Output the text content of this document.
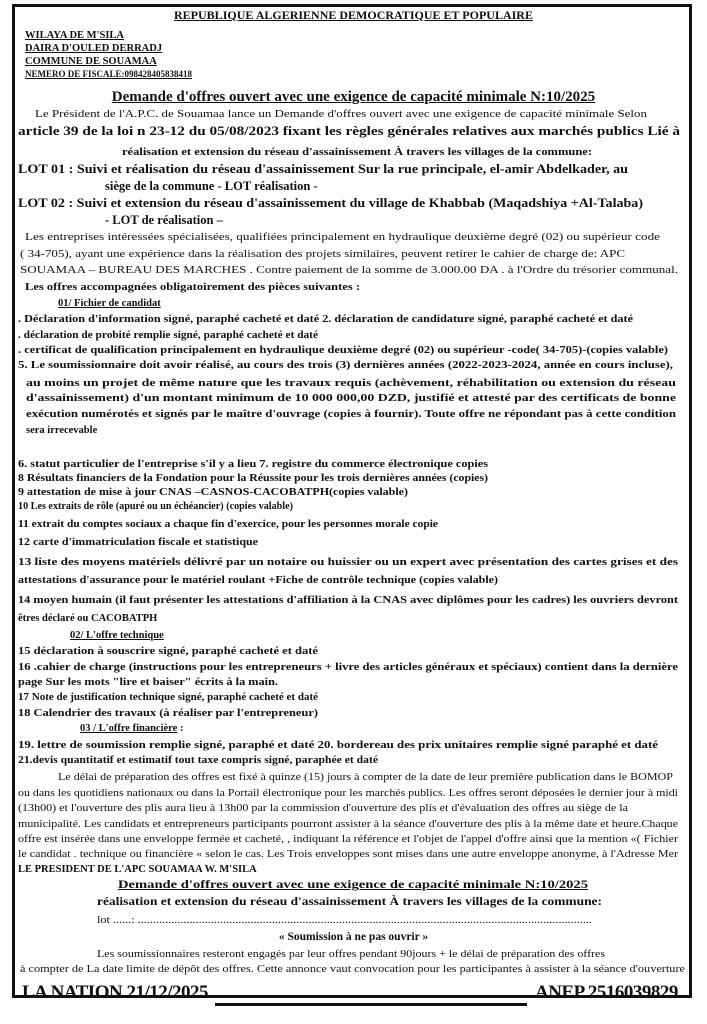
REPUBLIQUE ALGERIENNE DEMOCRATIQUE ET POPULAIRE
WILAYA DE M'SILA
DAIRA D'OULED DERRADJ
COMMUNE DE SOUAMAA
NEMERO DE FISCALE:098428405838418
Demande d'offres ouvert avec une exigence de capacité minimale N:10/2025
Le Président de l'A.P.C. de Souamaa lance un Demande d'offres ouvert avec une exigence de capacité minimale Selon
article 39 de la loi n 23-12 du 05/08/2023 fixant les règles générales relatives aux marchés publics Lié à
réalisation et extension du réseau d'assainissement À travers les villages de la commune:
LOT 01 : Suivi et réalisation du réseau d'assainissement Sur la rue principale, el-amir Abdelkader, au
siège de la commune - LOT réalisation -
LOT 02 : Suivi et extension du réseau d'assainissement du village de Khabbab (Maqadshiya +Al-Talaba)
- LOT de réalisation –
Les entreprises intéressées spécialisées, qualifiées principalement en hydraulique deuxième degré (02) ou supérieur code
( 34-705), ayant une expérience dans la réalisation des projets similaires, peuvent retirer le cahier de charge de: APC
SOUAMAA – BUREAU DES MARCHES . Contre paiement de la somme de 3.000.00 DA . à l'Ordre du trésorier communal.
Les offres accompagnées obligatoirement des pièces suivantes :
01/ Fichier de candidat
. Déclaration d'information signé, paraphé cacheté et daté 2. déclaration de candidature signé, paraphé cacheté et daté
. déclaration de probité remplie signé, paraphé cacheté et daté
. certificat de qualification principalement en hydraulique deuxième degré (02) ou supérieur -code( 34-705)-(copies valable)
5. Le soumissionnaire doit avoir réalisé, au cours des trois (3) dernières années (2022-2023-2024, année en cours incluse),
au moins un projet de même nature que les travaux requis (achèvement, réhabilitation ou extension du réseau
d'assainissement) d'un montant minimum de 10 000 000,00 DZD, justifié et attesté par des certificats de bonne
exécution numérotés et signés par le maître d'ouvrage (copies à fournir). Toute offre ne répondant pas à cette condition
sera irrecevable
6. statut particulier de l'entreprise s'il y a lieu 7. registre du commerce électronique copies
8 Résultats financiers de la Fondation pour la Réussite pour les trois dernières années (copies)
9 attestation de mise à jour CNAS –CASNOS-CACOBATPH(copies valable)
10 Les extraits de rôle (apuré ou un échéancier) (copies valable)
11 extrait du comptes sociaux a chaque fin d'exercice, pour les personnes morale copie
12 carte d'immatriculation fiscale et statistique
13 liste des moyens matériels délivré par un notaire ou huissier ou un expert avec présentation des cartes grises et des
attestations d'assurance pour le matériel roulant +Fiche de contrôle technique (copies valable)
14 moyen humain (il faut présenter les attestations d'affiliation à la CNAS avec diplômes pour les cadres) les ouvriers devront
êtres déclaré ou CACOBATPH
02/ L'offre technique
15 déclaration à souscrire signé, paraphé cacheté et daté
16 .cahier de charge (instructions pour les entrepreneurs + livre des articles généraux et spéciaux) contient dans la dernière
page Sur les mots "lire et baiser" écrits à la main.
17 Note de justification technique signé, paraphé cacheté et daté
18 Calendrier des travaux (à réaliser par l'entrepreneur)
03 / L'offre financière :
19. lettre de soumission remplie signé, paraphé et daté 20. bordereau des prix unitaires remplie signé paraphé et daté
21.devis quantitatif et estimatif tout taxe compris signé, paraphée et daté
Le délai de préparation des offres est fixé à quinze (15) jours à compter de la date de leur première publication dans le BOMOP
ou dans les quotidiens nationaux ou dans la Portail électronique pour les marchés publics. Les offres seront déposées le dernier jour à midi
(13h00) et l'ouverture des plis aura lieu à 13h00 par la commission d'ouverture des plis et d'évaluation des offres au siège de la
municipalité. Les candidats et entrepreneurs participants pourront assister à la séance d'ouverture des plis à la même date et heure.Chaque
offre est insérée dans une enveloppe fermée et cacheté, , indiquant la référence et l'objet de l'appel d'offre ainsi que la mention «( Fichier
le candidat . technique ou financière « selon le cas. Les Trois enveloppes sont mises dans une autre enveloppe anonyme, à l'Adresse Mer
LE PRESIDENT DE L'APC SOUAMAA W. M'SILA
Demande d'offres ouvert avec une exigence de capacité minimale N:10/2025
réalisation et extension du réseau d'assainissement À travers les villages de la commune:
lot ......: .....................................................................................................................................................
« Soumission à ne pas ouvrir »
Les soumissionnaires resteront engagés par leur offres pendant 90jours + le délai de préparation des offres
à compter de La date limite de dépôt des offres. Cette annonce vaut convocation pour les participantes à assister à la séance d'ouverture
LA NATION 21/12/2025	ANEP 2516039829
